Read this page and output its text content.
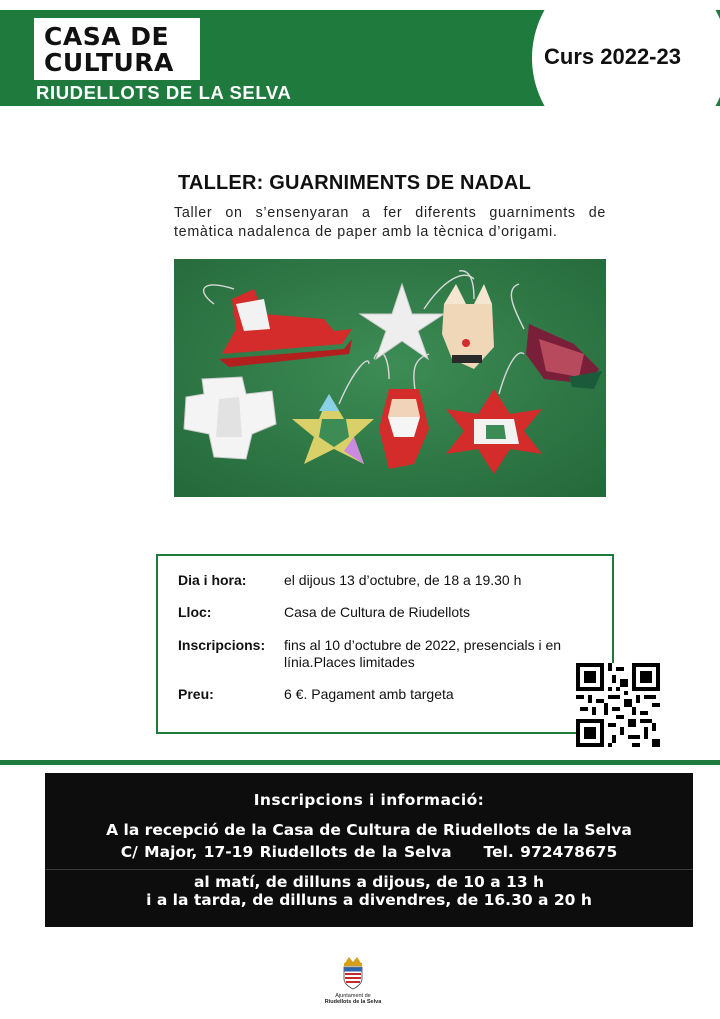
CASA DE
CULTURA
RIUDELLOTS DE LA SELVA
Curs 2022-23
TALLER: GUARNIMENTS DE NADAL
Taller on s’ensenyaran a fer diferents guarniments de temàtica nadalenca de paper amb la tècnica d’origami.
Dia i hora:	el dijous 13 d’octubre, de 18 a 19.30 h
Lloc:	Casa de Cultura de Riudellots
Inscripcions: fins al 10 d’octubre de 2022, presencials i en línia.Places limitades
Preu:	6 €. Pagament amb targeta
Inscripcions i informació:
A la recepció de la Casa de Cultura de Riudellots de la Selva
C/ Major, 17-19 Riudellots de la Selva     Tel. 972478675
al matí, de dilluns a dijous, de 10 a 13 h
i a la tarda, de dilluns a divendres, de 16.30 a 20 h
Ajuntament de
Riudellots de la Selva
